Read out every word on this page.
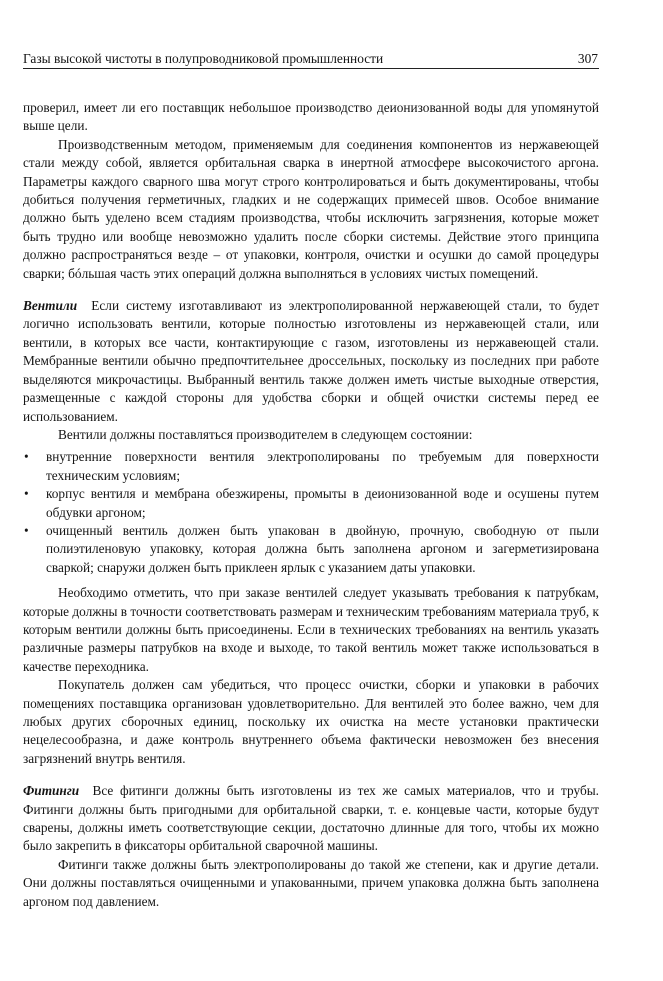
Газы высокой чистоты в полупроводниковой промышленности	307

проверил, имеет ли его поставщик небольшое производство деионизованной воды для упомянутой выше цели.

Производственным методом, применяемым для соединения компонентов из нержавеющей стали между собой, является орбитальная сварка в инертной атмосфере высокочистого аргона. Параметры каждого сварного шва могут строго контролироваться и быть документированы, чтобы добиться получения герметичных, гладких и не содержащих примесей швов. Особое внимание должно быть уделено всем стадиям производства, чтобы исключить загрязнения, которые может быть трудно или вообще невозможно удалить после сборки системы. Действие этого принципа должно распространяться везде – от упаковки, контроля, очистки и осушки до самой процедуры сварки; бóльшая часть этих операций должна выполняться в условиях чистых помещений.

Вентили Если систему изготавливают из электрополированной нержавеющей стали, то будет логично использовать вентили, которые полностью изготовлены из нержавеющей стали, или вентили, в которых все части, контактирующие с газом, изготовлены из нержавеющей стали. Мембранные вентили обычно предпочтительнее дроссельных, поскольку из последних при работе выделяются микрочастицы. Выбранный вентиль также должен иметь чистые выходные отверстия, размещенные с каждой стороны для удобства сборки и общей очистки системы перед ее использованием.

Вентили должны поставляться производителем в следующем состоянии:

• внутренние поверхности вентиля электрополированы по требуемым для поверхности техническим условиям;
• корпус вентиля и мембрана обезжирены, промыты в деионизованной воде и осушены путем обдувки аргоном;
• очищенный вентиль должен быть упакован в двойную, прочную, свободную от пыли полиэтиленовую упаковку, которая должна быть заполнена аргоном и загерметизирована сваркой; снаружи должен быть приклеен ярлык с указанием даты упаковки.

Необходимо отметить, что при заказе вентилей следует указывать требования к патрубкам, которые должны в точности соответствовать размерам и техническим требованиям материала труб, к которым вентили должны быть присоединены. Если в технических требованиях на вентиль указать различные размеры патрубков на входе и выходе, то такой вентиль может также использоваться в качестве переходника.

Покупатель должен сам убедиться, что процесс очистки, сборки и упаковки в рабочих помещениях поставщика организован удовлетворительно. Для вентилей это более важно, чем для любых других сборочных единиц, поскольку их очистка на месте установки практически нецелесообразна, и даже контроль внутреннего объема фактически невозможен без внесения загрязнений внутрь вентиля.

Фитинги Все фитинги должны быть изготовлены из тех же самых материалов, что и трубы. Фитинги должны быть пригодными для орбитальной сварки, т. е. концевые части, которые будут сварены, должны иметь соответствующие секции, достаточно длинные для того, чтобы их можно было закрепить в фиксаторы орбитальной сварочной машины.

Фитинги также должны быть электрополированы до такой же степени, как и другие детали. Они должны поставляться очищенными и упакованными, причем упаковка должна быть заполнена аргоном под давлением.
